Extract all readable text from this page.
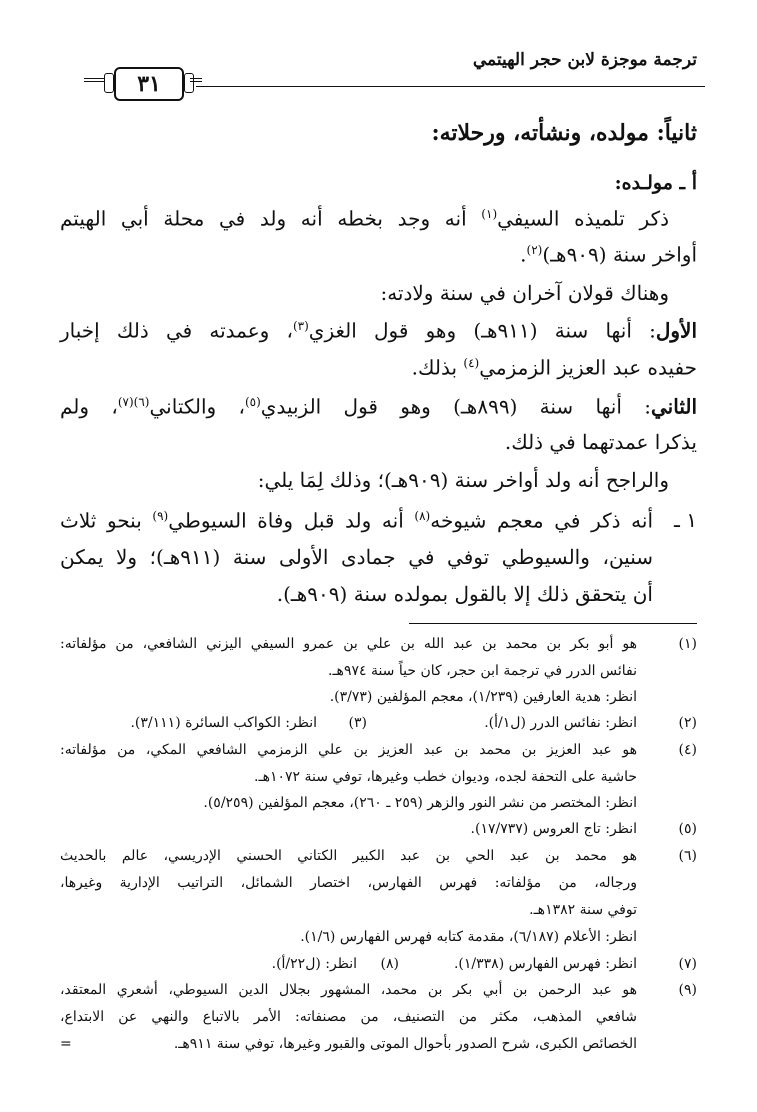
ترجمة موجزة لابن حجر الهيتمي
٣١
ثانياً: مولده، ونشأته، ورحلاته:
أ ـ مولـده:
ذكر تلميذه السيفي$^{(١)}$ أنه وجد بخطه أنه ولد في محلة أبي الهيتم
أواخر سنة (٩٠٩هـ)$^{(٢)}$.
وهناك قولان آخران في سنة ولادته:
الأول: أنها سنة (٩١١هـ) وهو قول الغزي$^{(٣)}$، وعمدته في ذلك إخبار
حفيده عبد العزيز الزمزمي$^{(٤)}$ بذلك.
الثاني: أنها سنة (٨٩٩هـ) وهو قول الزبيدي$^{(٥)}$، والكتاني$^{(٦)(٧)}$، ولم
يذكرا عمدتهما في ذلك.
والراجح أنه ولد أواخر سنة (٩٠٩هـ)؛ وذلك لِمَا يلي:
١ ـ
أنه ذكر في معجم شيوخه$^{(٨)}$ أنه ولد قبل وفاة السيوطي$^{(٩)}$ بنحو ثلاث
سنين، والسيوطي توفي في جمادى الأولى سنة (٩١١هـ)؛ ولا يمكن
أن يتحقق ذلك إلا بالقول بمولده سنة (٩٠٩هـ).
(١)
هو أبو بكر بن محمد بن عبد الله بن علي بن عمرو السيفي اليزني الشافعي، من مؤلفاته:
نفائس الدرر في ترجمة ابن حجر، كان حياً سنة ٩٧٤هـ.
انظر: هدية العارفين (١/٢٣٩)، معجم المؤلفين (٣/٧٣).
(٢)
انظر: نفائس الدرر (ل١/أ).
(٣)
انظر: الكواكب السائرة (٣/١١١).
(٤)
هو عبد العزيز بن محمد بن عبد العزيز بن علي الزمزمي الشافعي المكي، من مؤلفاته:
حاشية على التحفة لجده، وديوان خطب وغيرها، توفي سنة ١٠٧٢هـ.
انظر: المختصر من نشر النور والزهر (٢٥٩ ـ ٢٦٠)، معجم المؤلفين (٥/٢٥٩).
(٥)
انظر: تاج العروس (١٧/٧٣٧).
(٦)
هو محمد بن عبد الحي بن عبد الكبير الكتاني الحسني الإدريسي، عالم بالحديث
ورجاله، من مؤلفاته: فهرس الفهارس، اختصار الشمائل، التراتيب الإدارية وغيرها،
توفي سنة ١٣٨٢هـ.
انظر: الأعلام (٦/١٨٧)، مقدمة كتابه فهرس الفهارس (١/٦).
(٧)
انظر: فهرس الفهارس (١/٣٣٨).
(٨)
انظر: (ل٢٢/أ).
(٩)
هو عبد الرحمن بن أبي بكر بن محمد، المشهور بجلال الدين السيوطي، أشعري المعتقد،
شافعي المذهب، مكثر من التصنيف، من مصنفاته: الأمر بالاتباع والنهي عن الابتداع،
الخصائص الكبرى، شرح الصدور بأحوال الموتى والقبور وغيرها، توفي سنة ٩١١هـ.
=
